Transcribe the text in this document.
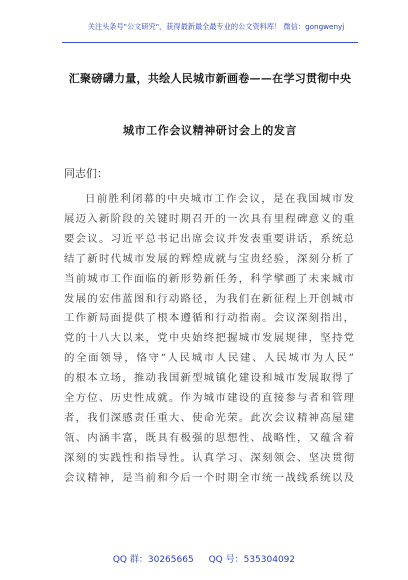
关注头条号"公文研究"，获得最新最全最专业的公文资料库！ 微信：gongwenyj
汇聚磅礴力量，共绘人民城市新画卷——在学习贯彻中央
城市工作会议精神研讨会上的发言
同志们：
日前胜利闭幕的中央城市工作会议，是在我国城市发
展迈入新阶段的关键时期召开的一次具有里程碑意义的重
要会议。习近平总书记出席会议并发表重要讲话，系统总
结了新时代城市发展的辉煌成就与宝贵经验，深刻分析了
当前城市工作面临的新形势新任务，科学擘画了未来城市
发展的宏伟蓝图和行动路径，为我们在新征程上开创城市
工作新局面提供了根本遵循和行动指南。会议深刻指出，
党的十八大以来，党中央始终把握城市发展规律，坚持党
的全面领导，恪守“人民城市人民建、人民城市为人民”
的根本立场，推动我国新型城镇化建设和城市发展取得了
全方位、历史性成就。作为城市建设的直接参与者和管理
者，我们深感责任重大、使命光荣。此次会议精神高屋建
瓴、内涵丰富，既具有极强的思想性、战略性，又蕴含着
深刻的实践性和指导性。认真学习、深刻领会、坚决贯彻
会议精神，是当前和今后一个时期全市统一战线系统以及
QQ 群：30265665 QQ 号：535304092
